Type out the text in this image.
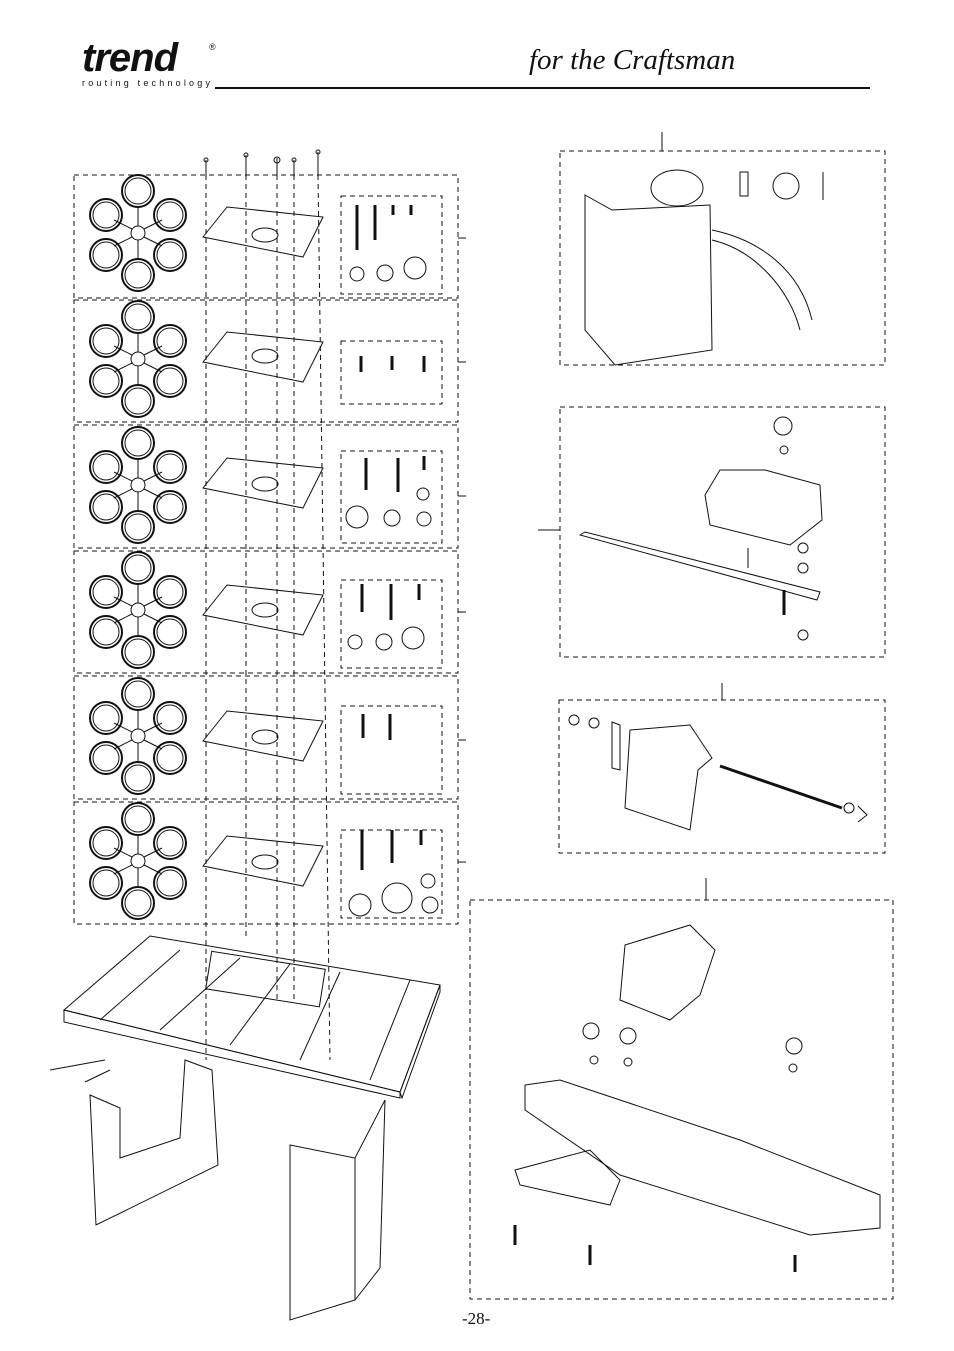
trend	®
routing technology
for the Craftsman
-28-
